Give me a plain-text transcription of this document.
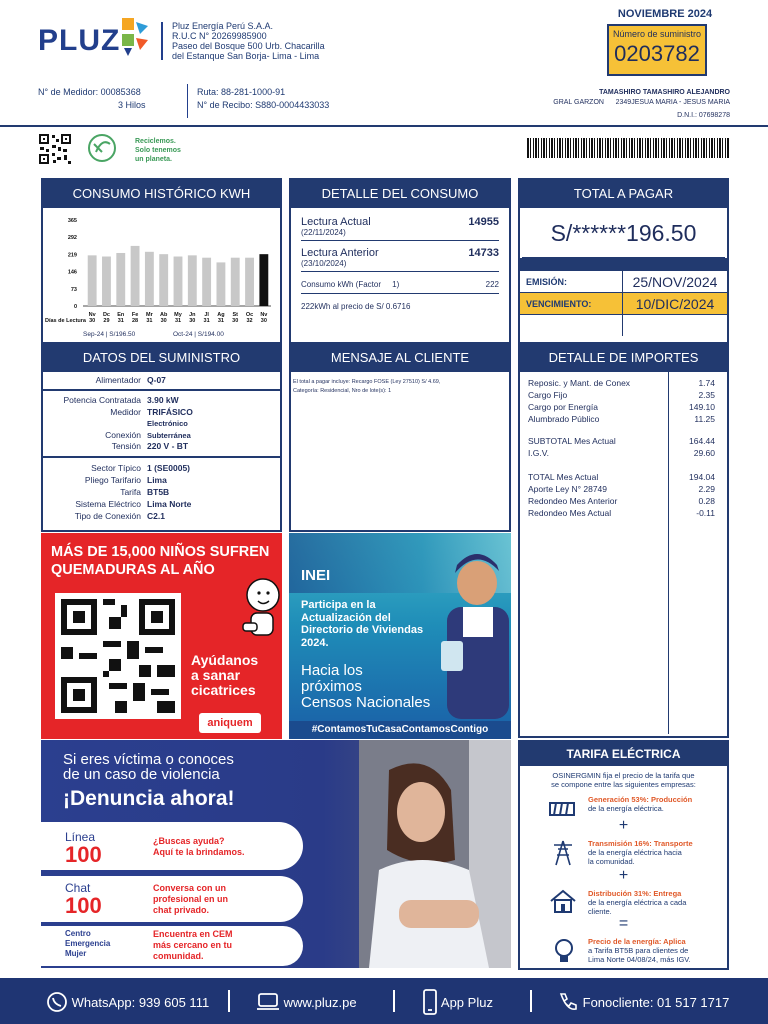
PLUZ	Pluz Energía Perú S.A.A.
R.U.C N° 20269985900
Paseo del Bosque 500 Urb. Chacarilla
del Estanque San Borja- Lima - Lima
NOVIEMBRE 2024
Número de suministro
0203782
N° de Medidor: 00085368
3 Hilos
Ruta: 88-281-1000-91
N° de Recibo: S880-0004433033
TAMASHIRO TAMASHIRO ALEJANDRO
GRAL GARZON 2349JESUA MARIA - JESUS MARIA
D.N.I.: 07698278
Reciclemos.
Solo tenemos
un planeta.
CONSUMO HISTÓRICO KWH
365
292
219
146
73
0
Nv
30
Dc
29
En
31
Fe
28
Mr
31
Ab
30
My
31
Jn
30
Jl
31
Ag
31
St
30
Oc
32
Nv
30
Días de Lectura
Sep-24 | S/196.50	Oct-24 | S/194.00
DETALLE DEL CONSUMO
Lectura Actual
(22/11/2024)
14955
Lectura Anterior
(23/10/2024)
14733
Consumo kWh (Factor 1)	222
222kWh al precio de S/ 0.6716
TOTAL A PAGAR
S/******196.50
EMISIÓN:	25/NOV/2024
VENCIMIENTO:	10/DIC/2024
DATOS DEL SUMINISTRO
Alimentador Q-07
Potencia Contratada 3.90 kW
Medidor TRIFÁSICO
Electrónico
Conexión Subterránea
Tensión 220 V - BT
Sector Típico 1 (SE0005)
Pliego Tarifario Lima
Tarifa BT5B
Sistema Eléctrico Lima Norte
Tipo de Conexión C2.1
MENSAJE AL CLIENTE
El total a pagar incluye: Recargo FOSE (Ley 27510) S/ 4.69,
Categoría: Residencial, Nro de lote(s): 1
DETALLE DE IMPORTES
Reposic. y Mant. de Conex	1.74
Cargo Fijo	2.35
Cargo por Energía	149.10
Alumbrado Público	11.25
SUBTOTAL Mes Actual	164.44
I.G.V.	29.60
TOTAL Mes Actual	194.04
Aporte Ley N° 28749	2.29
Redondeo Mes Anterior	0.28
Redondeo Mes Actual	-0.11
MÁS DE 15,000 NIÑOS SUFREN
QUEMADURAS AL AÑO
Ayúdanos
a sanar
cicatrices
aniquem
INEI
Participa en la
Actualización del
Directorio de Viviendas
2024.
Hacia los
próximos
Censos Nacionales
#ContamosTuCasaContamosContigo
Si eres víctima o conoces
de un caso de violencia
¡Denuncia ahora!
Línea
100
¿Buscas ayuda?
Aquí te la brindamos.
Chat
100
Conversa con un
profesional en un
chat privado.
Centro
Emergencia
Mujer
Encuentra en CEM
más cercano en tu
comunidad.
TARIFA ELÉCTRICA
OSINERGMIN fija el precio de la tarifa que
se compone entre las siguientes empresas:
Generación 53%: Producción
de la energía eléctrica.
+
Transmisión 16%: Transporte
de la energía eléctrica hacia
la comunidad.
+
Distribución 31%: Entrega
de la energía eléctrica a cada
cliente.
=
Precio de la energía: Aplica
a Tarifa BT5B para clientes de
Lima Norte 04/08/24, más IGV.
WhatsApp: 939 605 111	www.pluz.pe	App Pluz	Fonocliente: 01 517 1717
